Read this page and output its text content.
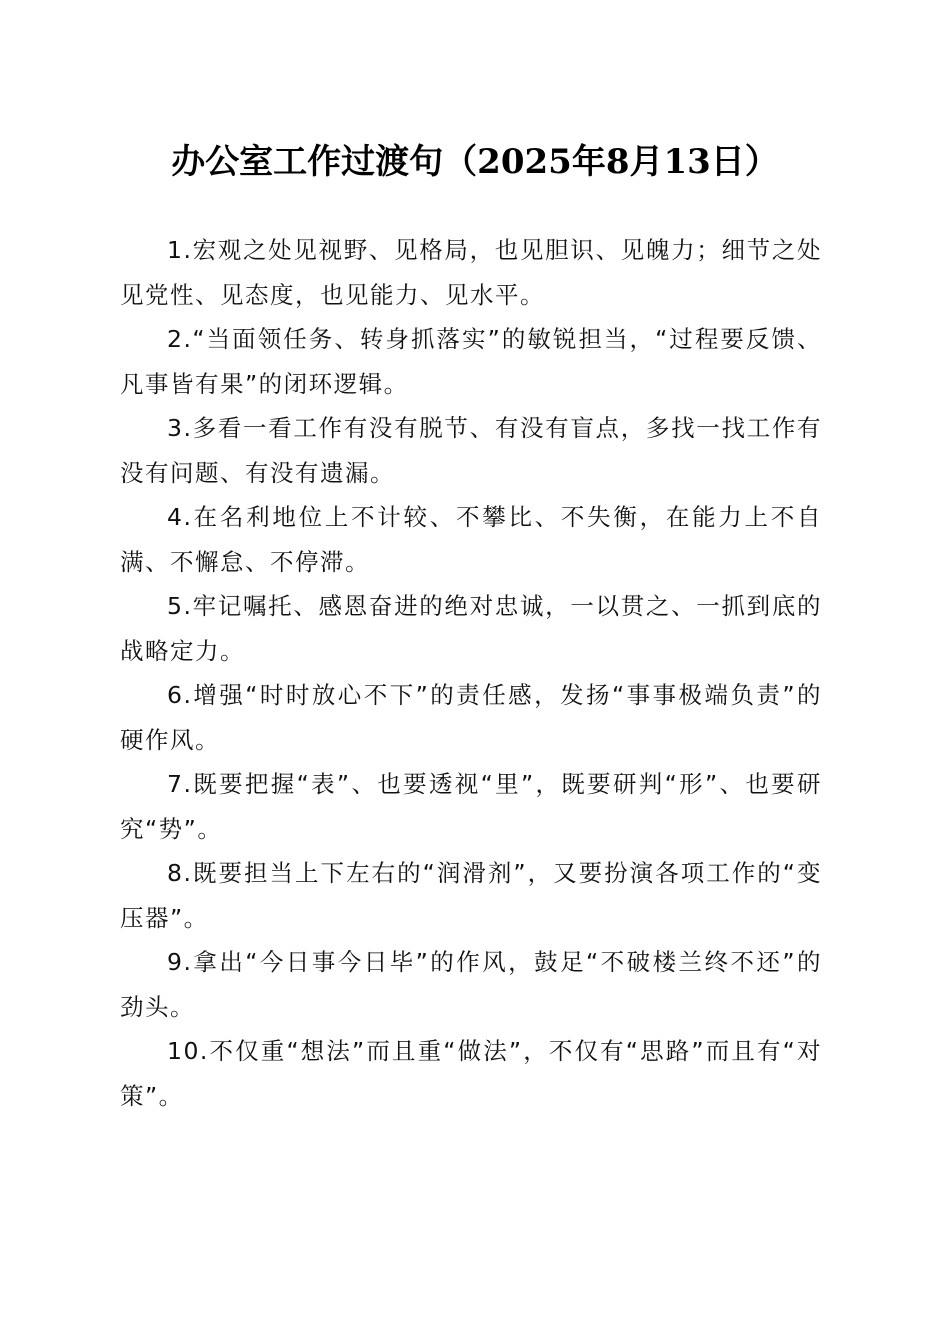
办公室工作过渡句（2025年8月13日）

1.宏观之处见视野、见格局，也见胆识、见魄力；细节之处见党性、见态度，也见能力、见水平。

2.“当面领任务、转身抓落实”的敏锐担当，“过程要反馈、凡事皆有果”的闭环逻辑。

3.多看一看工作有没有脱节、有没有盲点，多找一找工作有没有问题、有没有遗漏。

4.在名利地位上不计较、不攀比、不失衡，在能力上不自满、不懈怠、不停滞。

5.牢记嘱托、感恩奋进的绝对忠诚，一以贯之、一抓到底的战略定力。

6.增强“时时放心不下”的责任感，发扬“事事极端负责”的硬作风。

7.既要把握“表”、也要透视“里”，既要研判“形”、也要研究“势”。

8.既要担当上下左右的“润滑剂”，又要扮演各项工作的“变压器”。

9.拿出“今日事今日毕”的作风，鼓足“不破楼兰终不还”的劲头。

10.不仅重“想法”而且重“做法”，不仅有“思路”而且有“对策”。
